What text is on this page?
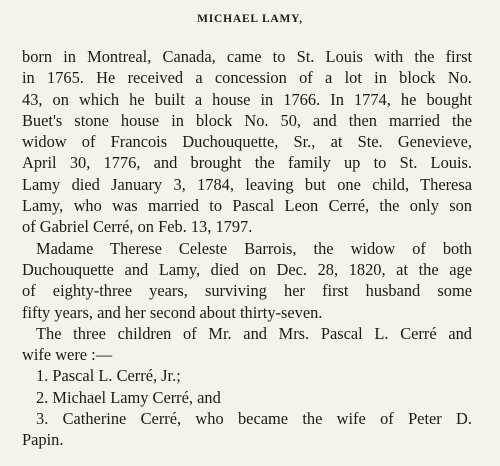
MICHAEL LAMY,
born in Montreal, Canada, came to St. Louis with the first
in 1765. He received a concession of a lot in block No.
43, on which he built a house in 1766. In 1774, he bought
Buet's stone house in block No. 50, and then married the
widow of Francois Duchouquette, Sr., at Ste. Genevieve,
April 30, 1776, and brought the family up to St. Louis.
Lamy died January 3, 1784, leaving but one child, Theresa
Lamy, who was married to Pascal Leon Cerré, the only son
of Gabriel Cerré, on Feb. 13, 1797.
Madame Therese Celeste Barrois, the widow of both
Duchouquette and Lamy, died on Dec. 28, 1820, at the age
of eighty-three years, surviving her first husband some
fifty years, and her second about thirty-seven.
The three children of Mr. and Mrs. Pascal L. Cerré and
wife were :—
1. Pascal L. Cerré, Jr.;
2. Michael Lamy Cerré, and
3. Catherine Cerré, who became the wife of Peter D.
Papin.
